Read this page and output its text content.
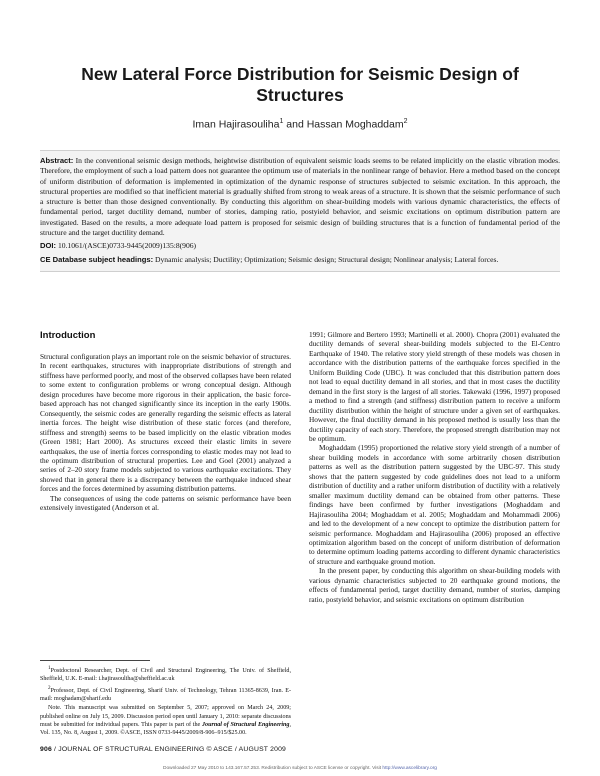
New Lateral Force Distribution for Seismic Design of Structures
Iman Hajirasouliha$^1$ and Hassan Moghaddam$^2$

Abstract: In the conventional seismic design methods, heightwise distribution of equivalent seismic loads seems to be related implicitly on the elastic vibration modes. Therefore, the employment of such a load pattern does not guarantee the optimum use of materials in the nonlinear range of behavior. Here a method based on the concept of uniform distribution of deformation is implemented in optimization of the dynamic response of structures subjected to seismic excitation. In this approach, the structural properties are modified so that inefficient material is gradually shifted from strong to weak areas of a structure. It is shown that the seismic performance of such a structure is better than those designed conventionally. By conducting this algorithm on shear-building models with various dynamic characteristics, the effects of fundamental period, target ductility demand, number of stories, damping ratio, postyield behavior, and seismic excitations on optimum distribution pattern are investigated. Based on the results, a more adequate load pattern is proposed for seismic design of building structures that is a function of fundamental period of the structure and the target ductility demand.

DOI: 10.1061/(ASCE)0733-9445(2009)135:8(906)

CE Database subject headings: Dynamic analysis; Ductility; Optimization; Seismic design; Structural design; Nonlinear analysis; Lateral forces.

Introduction

Structural configuration plays an important role on the seismic behavior of structures. In recent earthquakes, structures with inappropriate distributions of strength and stiffness have performed poorly, and most of the observed collapses have been related to some extent to configuration problems or wrong conceptual design. Although design procedures have become more rigorous in their application, the basic force-based approach has not changed significantly since its inception in the early 1900s. Consequently, the seismic codes are generally regarding the seismic effects as lateral inertia forces. The height wise distribution of these static forces (and therefore, stiffness and strength) seems to be based implicitly on the elastic vibration modes (Green 1981; Hart 2000). As structures exceed their elastic limits in severe earthquakes, the use of inertia forces corresponding to elastic modes may not lead to the optimum distribution of structural properties. Lee and Goel (2001) analyzed a series of 2–20 story frame models subjected to various earthquake excitations. They showed that in general there is a discrepancy between the earthquake induced shear forces and the forces determined by assuming distribution patterns.

The consequences of using the code patterns on seismic performance have been extensively investigated (Anderson et al.

1991; Gilmore and Bertero 1993; Martinelli et al. 2000). Chopra (2001) evaluated the ductility demands of several shear-building models subjected to the El-Centro Earthquake of 1940. The relative story yield strength of these models was chosen in accordance with the distribution patterns of the earthquake forces specified in the Uniform Building Code (UBC). It was concluded that this distribution pattern does not lead to equal ductility demand in all stories, and that in most cases the ductility demand in the first story is the largest of all stories. Takewaki (1996, 1997) proposed a method to find a strength (and stiffness) distribution pattern to receive a uniform ductility distribution within the height of structure under a given set of earthquakes. However, the final ductility demand in his proposed method is usually less than the ductility capacity of each story. Therefore, the proposed strength distribution may not be optimum.

Moghaddam (1995) proportioned the relative story yield strength of a number of shear building models in accordance with some arbitrarily chosen distribution patterns as well as the distribution pattern suggested by the UBC-97. This study shows that the pattern suggested by code guidelines does not lead to a uniform distribution of ductility and a rather uniform distribution of ductility with a relatively smaller maximum ductility demand can be obtained from other patterns. These findings have been confirmed by further investigations (Moghaddam and Hajirasouliha 2004; Moghaddam et al. 2005; Moghaddam and Mohammadi 2006) and led to the development of a new concept to optimize the distribution pattern for seismic performance. Moghaddam and Hajirasouliha (2006) proposed an effective optimization algorithm based on the concept of uniform distribution of deformation to determine optimum loading patterns according to different dynamic characteristics of structure and earthquake ground motion.

In the present paper, by conducting this algorithm on shear-building models with various dynamic characteristics subjected to 20 earthquake ground motions, the effects of fundamental period, target ductility demand, number of stories, damping ratio, postyield behavior, and seismic excitations on optimum distribution

$^1$Postdoctoral Researcher, Dept. of Civil and Structural Engineering, The Univ. of Sheffield, Sheffield, U.K. E-mail: i.hajirasouliha@sheffield.ac.uk

$^2$Professor, Dept. of Civil Engineering, Sharif Univ. of Technology, Tehran 11365-8639, Iran. E-mail: moghadam@sharif.edu

Note. This manuscript was submitted on September 5, 2007; approved on March 24, 2009; published online on July 15, 2009. Discussion period open until January 1, 2010: separate discussions must be submitted for individual papers. This paper is part of the Journal of Structural Engineering, Vol. 135, No. 8, August 1, 2009. ©ASCE, ISSN 0733-9445/2009/8-906–915/$25.00.

906 / JOURNAL OF STRUCTURAL ENGINEERING © ASCE / AUGUST 2009
Downloaded 27 May 2010 to 143.167.57.253. Redistribution subject to ASCE license or copyright. Visit http://www.ascelibrary.org
